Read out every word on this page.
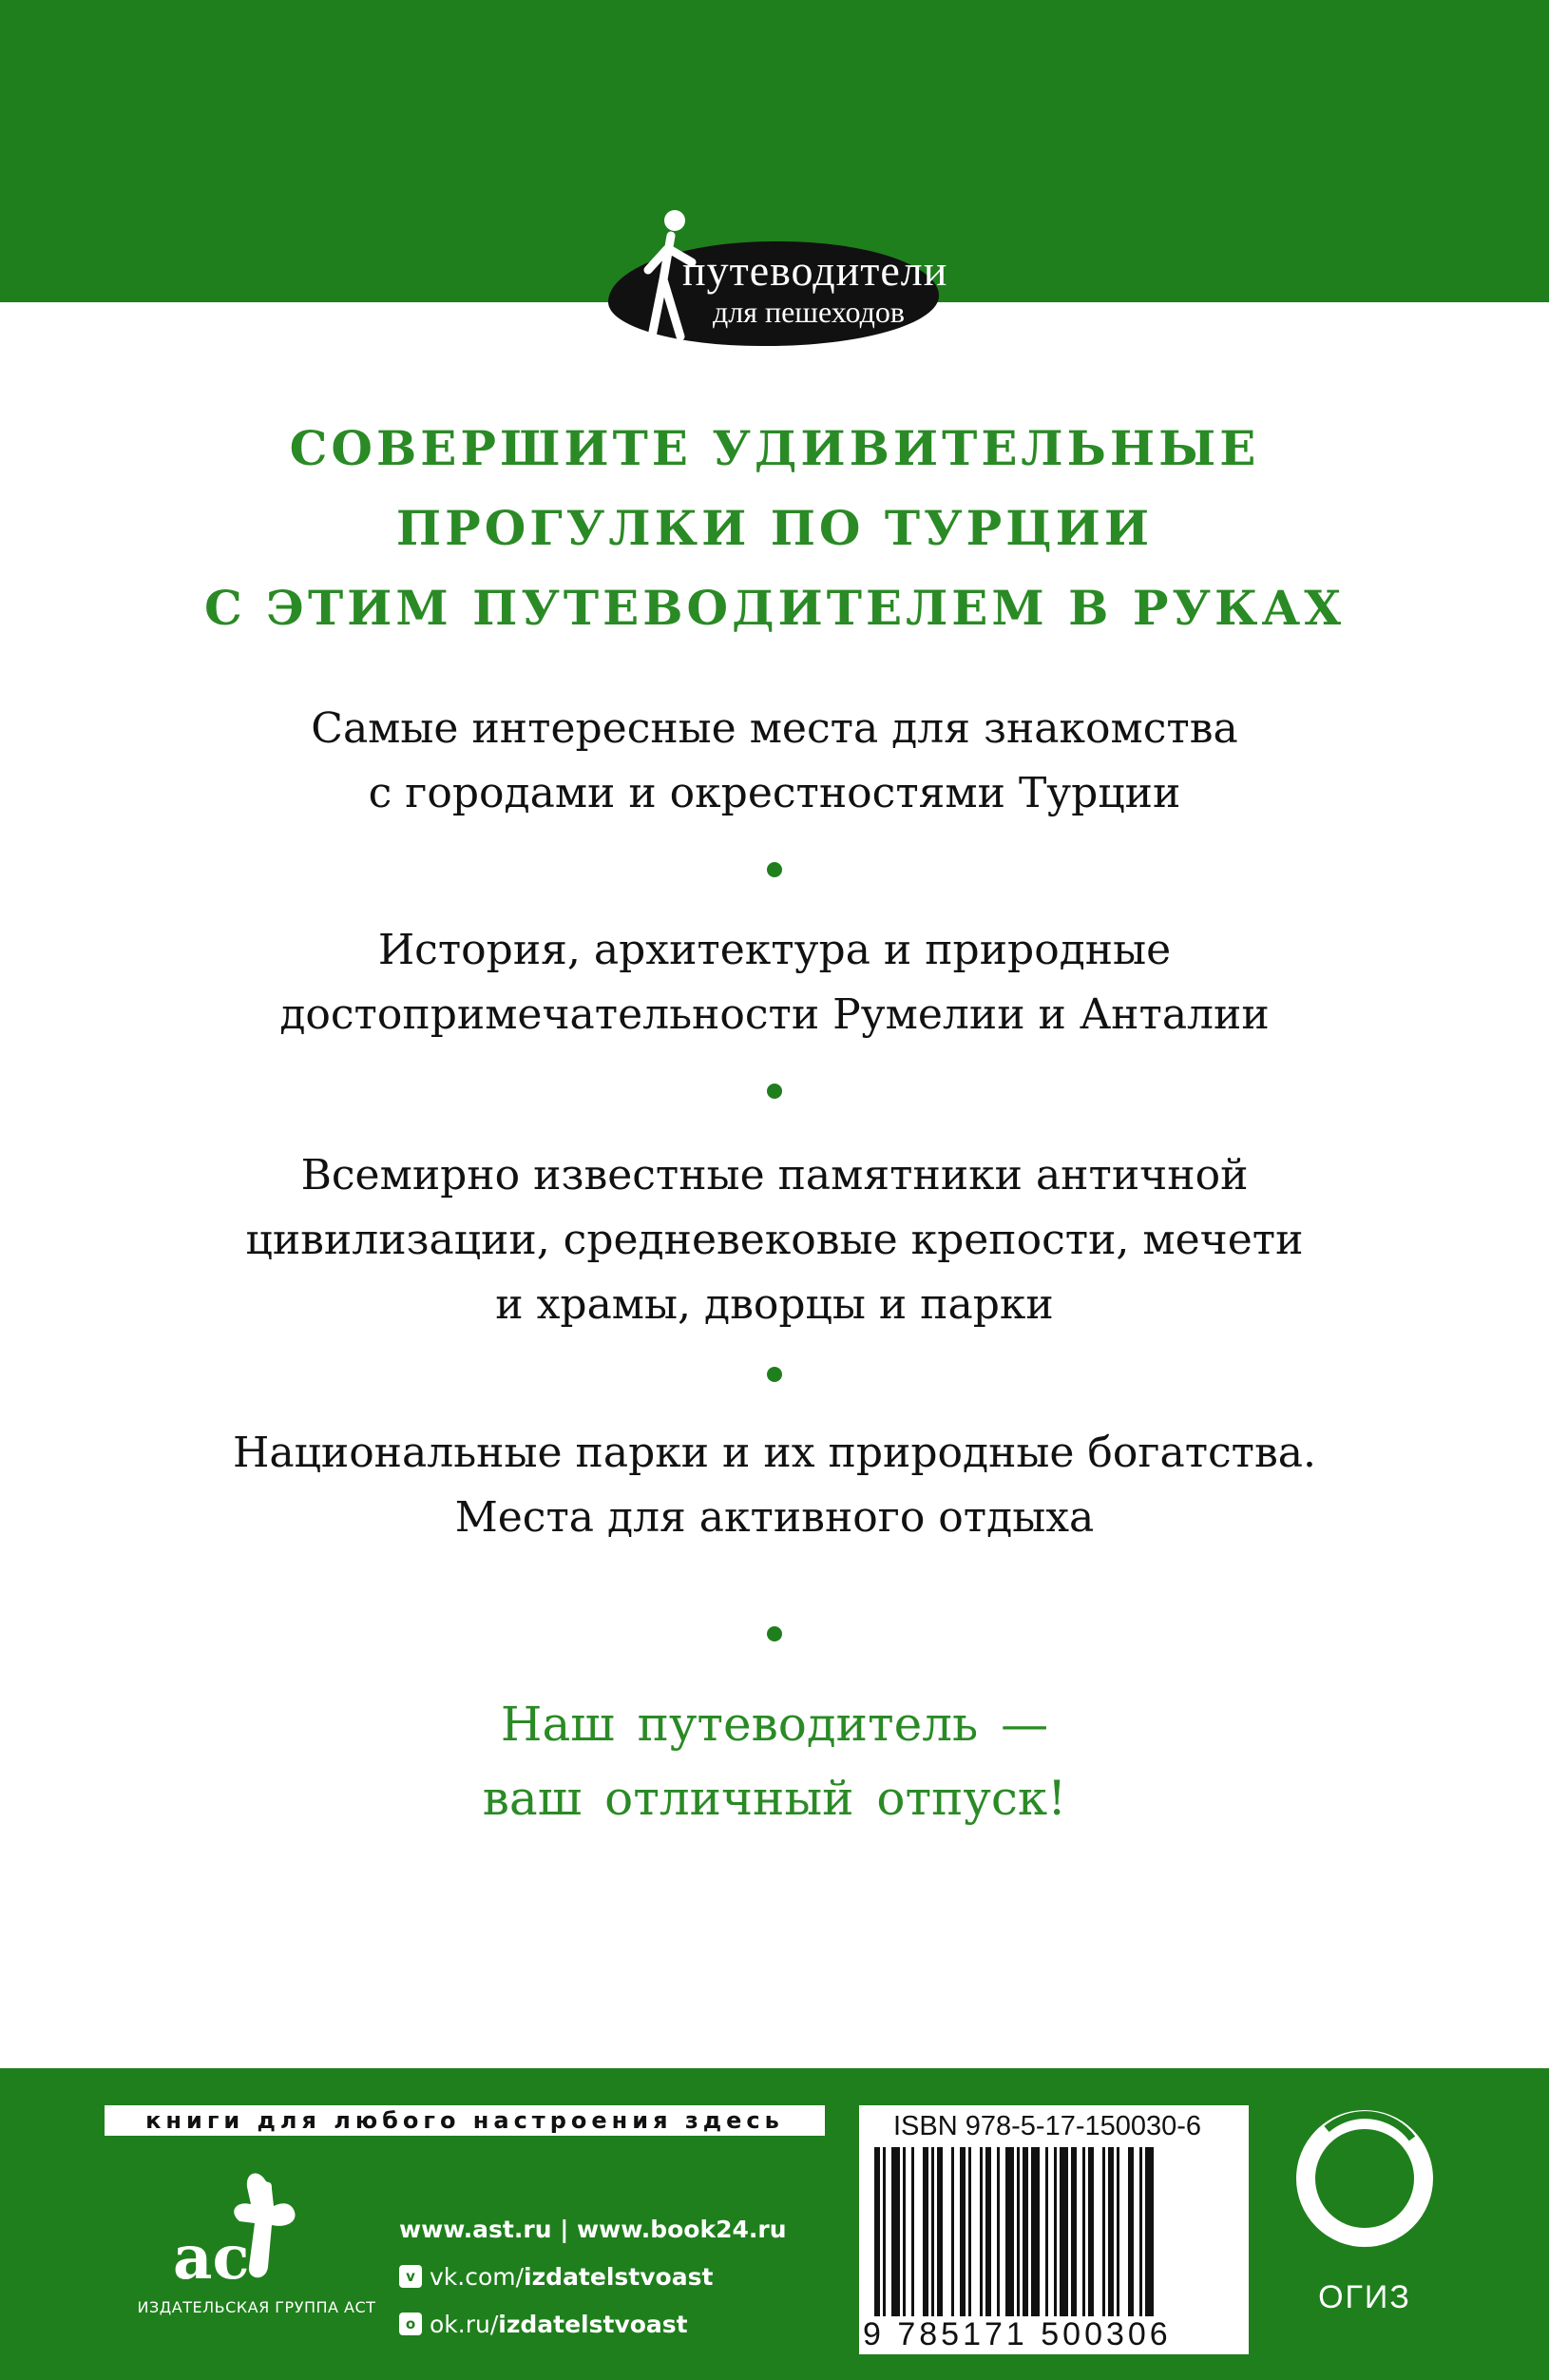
путеводители
для пешеходов
СОВЕРШИТЕ УДИВИТЕЛЬНЫЕ
ПРОГУЛКИ ПО ТУРЦИИ
С ЭТИМ ПУТЕВОДИТЕЛЕМ В РУКАХ
Самые интересные места для знакомства
с городами и окрестностями Турции
История, архитектура и природные
достопримечательности Румелии и Анталии
Всемирно известные памятники античной
цивилизации, средневековые крепости, мечети
и храмы, дворцы и парки
Национальные парки и их природные богатства.
Места для активного отдыха
Наш путеводитель —
ваш отличный отпуск!
книги для любого настроения здесь
ac
ИЗДАТЕЛЬСКАЯ ГРУППА АСТ
www.ast.ru | www.book24.ru
v vk.com/ izdatelstvoast
o ok.ru/ izdatelstvoast
ISBN 978-5-17-150030-6
9 785171 500306
ОГИЗ
